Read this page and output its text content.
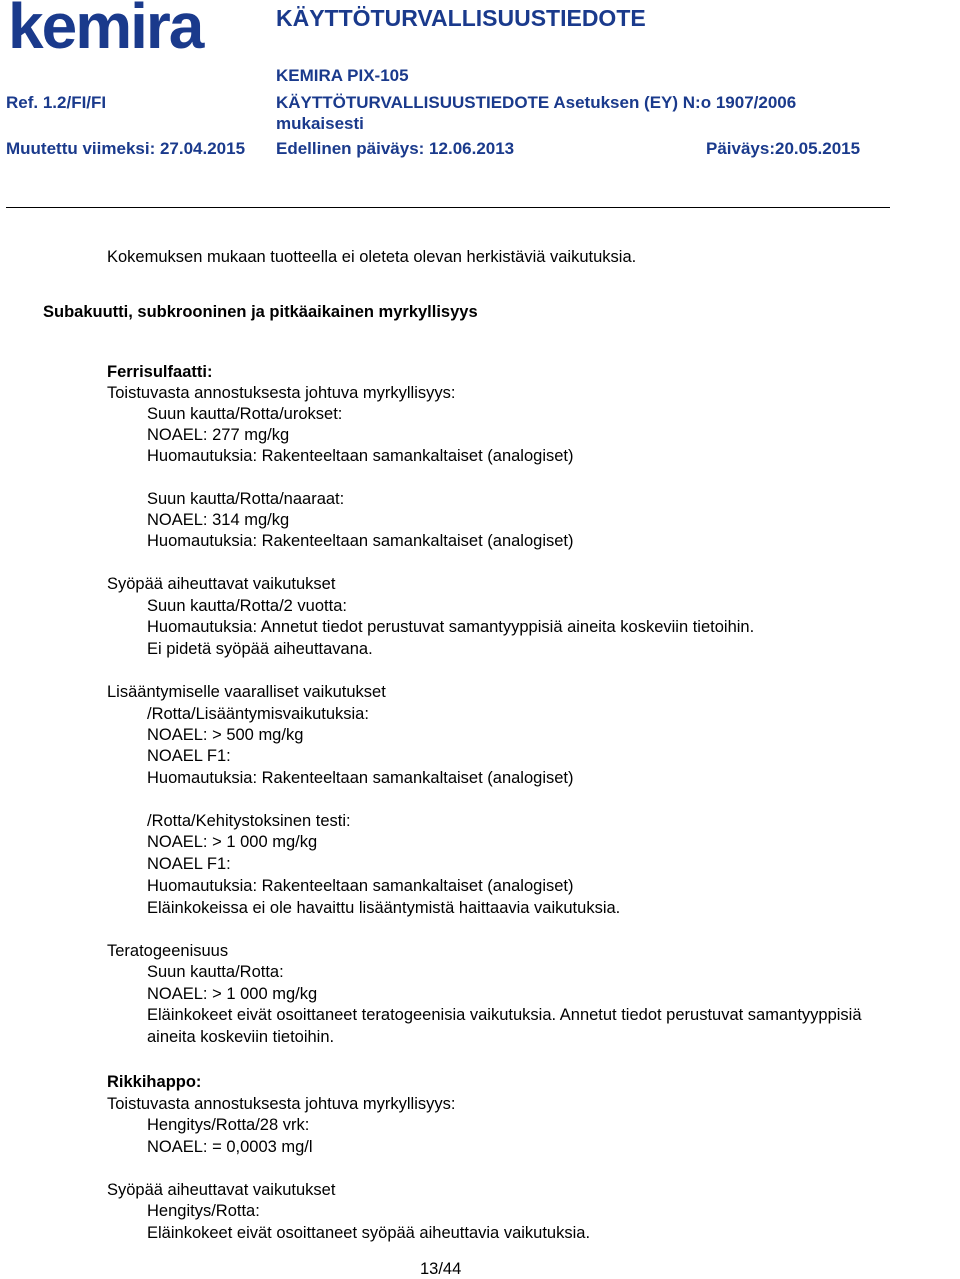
kemira	KÄYTTÖTURVALLISUUSTIEDOTE
KEMIRA PIX-105
Ref. 1.2/FI/FI	KÄYTTÖTURVALLISUUSTIEDOTE Asetuksen (EY) N:o 1907/2006
mukaisesti
Muutettu viimeksi: 27.04.2015 Edellinen päiväys: 12.06.2013	Päiväys:20.05.2015
Kokemuksen mukaan tuotteella ei oleteta olevan herkistäviä vaikutuksia.
Subakuutti, subkrooninen ja pitkäaikainen myrkyllisyys
Ferrisulfaatti:
Toistuvasta annostuksesta johtuva myrkyllisyys:
Suun kautta/Rotta/urokset:
NOAEL: 277 mg/kg
Huomautuksia: Rakenteeltaan samankaltaiset (analogiset)
Suun kautta/Rotta/naaraat:
NOAEL: 314 mg/kg
Huomautuksia: Rakenteeltaan samankaltaiset (analogiset)
Syöpää aiheuttavat vaikutukset
Suun kautta/Rotta/2 vuotta:
Huomautuksia: Annetut tiedot perustuvat samantyyppisiä aineita koskeviin tietoihin.
Ei pidetä syöpää aiheuttavana.
Lisääntymiselle vaaralliset vaikutukset
/Rotta/Lisääntymisvaikutuksia:
NOAEL: > 500 mg/kg
NOAEL F1:
Huomautuksia: Rakenteeltaan samankaltaiset (analogiset)
/Rotta/Kehitystoksinen testi:
NOAEL: > 1 000 mg/kg
NOAEL F1:
Huomautuksia: Rakenteeltaan samankaltaiset (analogiset)
Eläinkokeissa ei ole havaittu lisääntymistä haittaavia vaikutuksia.
Teratogeenisuus
Suun kautta/Rotta:
NOAEL: > 1 000 mg/kg
Eläinkokeet eivät osoittaneet teratogeenisia vaikutuksia. Annetut tiedot perustuvat samantyyppisiä
aineita koskeviin tietoihin.
Rikkihappo:
Toistuvasta annostuksesta johtuva myrkyllisyys:
Hengitys/Rotta/28 vrk:
NOAEL: = 0,0003 mg/l
Syöpää aiheuttavat vaikutukset
Hengitys/Rotta:
Eläinkokeet eivät osoittaneet syöpää aiheuttavia vaikutuksia.
13/44
